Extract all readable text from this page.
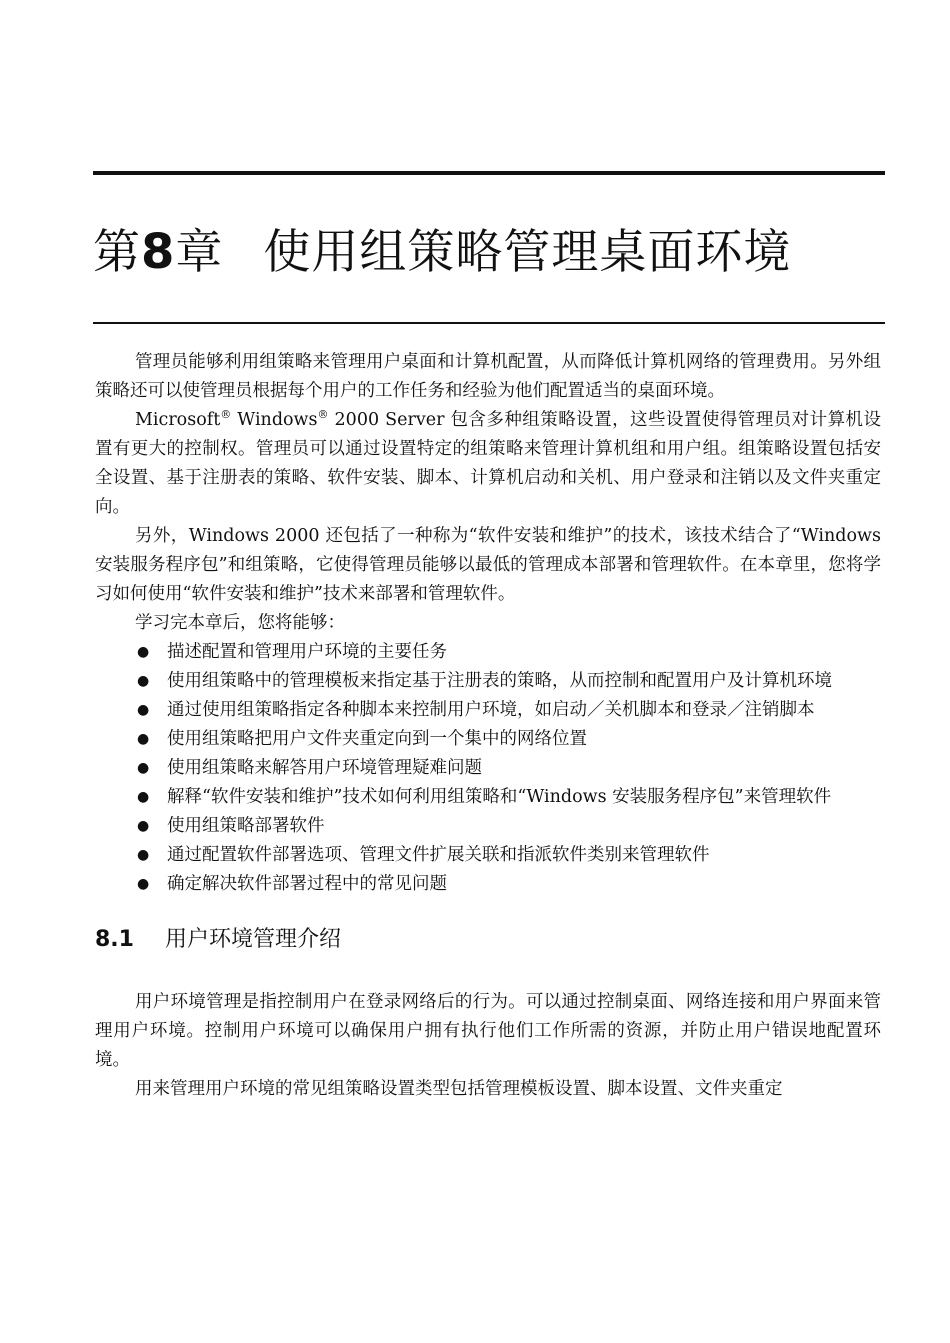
第8章 使用组策略管理桌面环境

管理员能够利用组策略来管理用户桌面和计算机配置，从而降低计算机网络的管理费用。另外组策略还可以使管理员根据每个用户的工作任务和经验为他们配置适当的桌面环境。

Microsoft® Windows® 2000 Server 包含多种组策略设置，这些设置使得管理员对计算机设置有更大的控制权。管理员可以通过设置特定的组策略来管理计算机组和用户组。组策略设置包括安全设置、基于注册表的策略、软件安装、脚本、计算机启动和关机、用户登录和注销以及文件夹重定向。

另外，Windows 2000 还包括了一种称为“软件安装和维护”的技术，该技术结合了“Windows 安装服务程序包”和组策略，它使得管理员能够以最低的管理成本部署和管理软件。在本章里，您将学习如何使用“软件安装和维护”技术来部署和管理软件。

学习完本章后，您将能够：

● 描述配置和管理用户环境的主要任务
● 使用组策略中的管理模板来指定基于注册表的策略，从而控制和配置用户及计算机环境
● 通过使用组策略指定各种脚本来控制用户环境，如启动／关机脚本和登录／注销脚本
● 使用组策略把用户文件夹重定向到一个集中的网络位置
● 使用组策略来解答用户环境管理疑难问题
● 解释“软件安装和维护”技术如何利用组策略和“Windows 安装服务程序包”来管理软件
● 使用组策略部署软件
● 通过配置软件部署选项、管理文件扩展关联和指派软件类别来管理软件
● 确定解决软件部署过程中的常见问题
8.1 用户环境管理介绍

用户环境管理是指控制用户在登录网络后的行为。可以通过控制桌面、网络连接和用户界面来管理用户环境。控制用户环境可以确保用户拥有执行他们工作所需的资源，并防止用户错误地配置环境。

用来管理用户环境的常见组策略设置类型包括管理模板设置、脚本设置、文件夹重定
